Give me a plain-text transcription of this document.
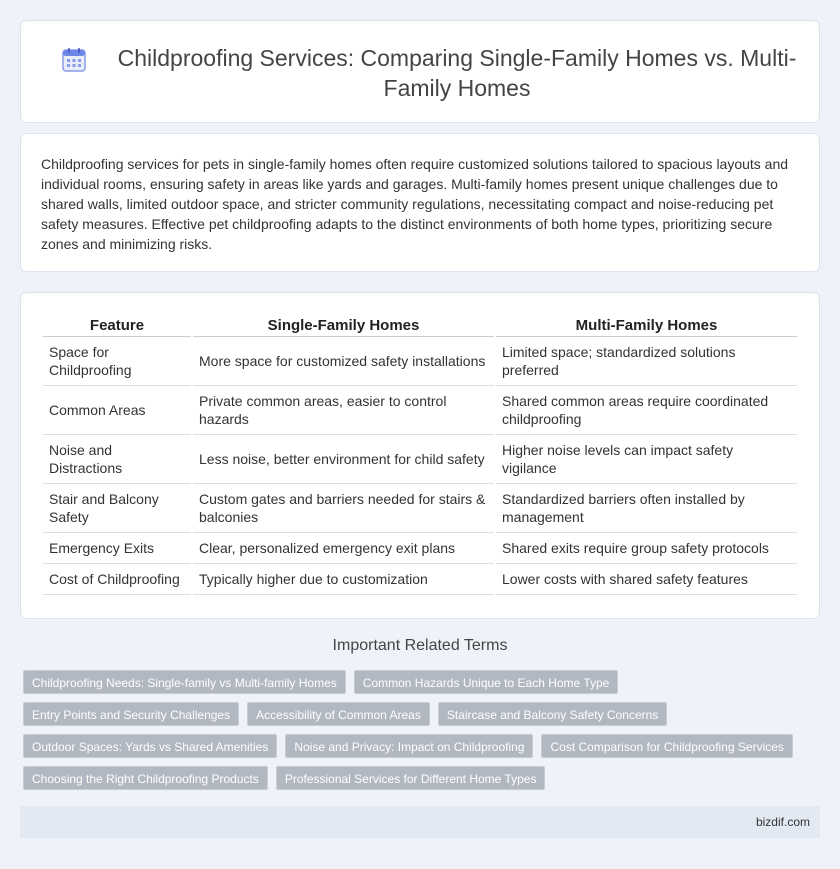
Childproofing Services: Comparing Single-Family Homes vs. Multi-Family Homes

Childproofing services for pets in single-family homes often require customized solutions tailored to spacious layouts and individual rooms, ensuring safety in areas like yards and garages. Multi-family homes present unique challenges due to shared walls, limited outdoor space, and stricter community regulations, necessitating compact and noise-reducing pet safety measures. Effective pet childproofing adapts to the distinct environments of both home types, prioritizing secure zones and minimizing risks.

Feature	Single-Family Homes	Multi-Family Homes
Space for Childproofing	More space for customized safety installations	Limited space; standardized solutions preferred
Common Areas	Private common areas, easier to control hazards	Shared common areas require coordinated childproofing
Noise and Distractions	Less noise, better environment for child safety	Higher noise levels can impact safety vigilance
Stair and Balcony Safety	Custom gates and barriers needed for stairs & balconies	Standardized barriers often installed by management
Emergency Exits	Clear, personalized emergency exit plans	Shared exits require group safety protocols
Cost of Childproofing	Typically higher due to customization	Lower costs with shared safety features
Important Related Terms
Childproofing Needs: Single-family vs Multi-family Homes	Common Hazards Unique to Each Home Type
Entry Points and Security Challenges	Accessibility of Common Areas	Staircase and Balcony Safety Concerns
Outdoor Spaces: Yards vs Shared Amenities	Noise and Privacy: Impact on Childproofing	Cost Comparison for Childproofing Services
Choosing the Right Childproofing Products	Professional Services for Different Home Types
bizdif.com
